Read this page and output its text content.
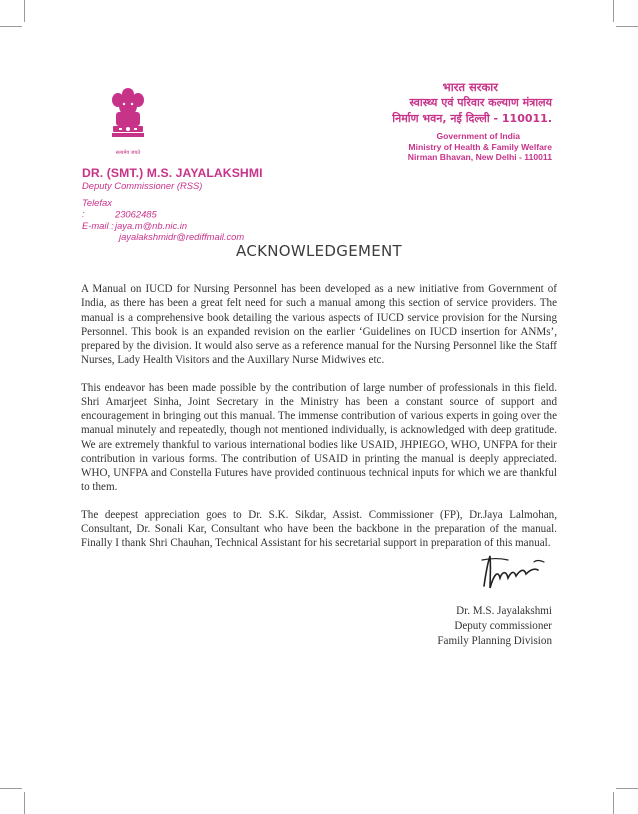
सत्यमेव जयते
DR. (SMT.) M.S. JAYALAKSHMI
Deputy Commissioner (RSS)
Telefax :	23062485
E-mail :jaya.m@nb.nic.in
jayalakshmidr@rediffmail.com
भारत सरकार
स्वास्थ्य एवं परिवार कल्याण मंत्रालय
निर्माण भवन, नई दिल्ली - 110011.
Government of India
Ministry of Health & Family Welfare
Nirman Bhavan, New Delhi - 110011
ACKNOWLEDGEMENT

A Manual on IUCD for Nursing Personnel has been developed as a new initiative from Government of India, as there has been a great felt need for such a manual among this section of service providers. The manual is a comprehensive book detailing the various aspects of IUCD service provision for the Nursing Personnel. This book is an expanded revision on the earlier ‘Guidelines on IUCD insertion for ANMs’, prepared by the division. It would also serve as a reference manual for the Nursing Personnel like the Staff Nurses, Lady Health Visitors and the Auxillary Nurse Midwives etc.

This endeavor has been made possible by the contribution of large number of professionals in this field. Shri Amarjeet Sinha, Joint Secretary in the Ministry has been a constant source of support and encouragement in bringing out this manual. The immense contribution of various experts in going over the manual minutely and repeatedly, though not mentioned individually, is acknowledged with deep gratitude. We are extremely thankful to various international bodies like USAID, JHPIEGO, WHO, UNFPA for their contribution in various forms. The contribution of USAID in printing the manual is deeply appreciated. WHO, UNFPA and Constella Futures have provided continuous technical inputs for which we are thankful to them.

The deepest appreciation goes to Dr. S.K. Sikdar, Assist. Commissioner (FP), Dr.Jaya Lalmohan, Consultant, Dr. Sonali Kar, Consultant who have been the backbone in the preparation of the manual. Finally I thank Shri Chauhan, Technical Assistant for his secretarial support in preparation of this manual.

Dr. M.S. Jayalakshmi
Deputy commissioner
Family Planning Division
